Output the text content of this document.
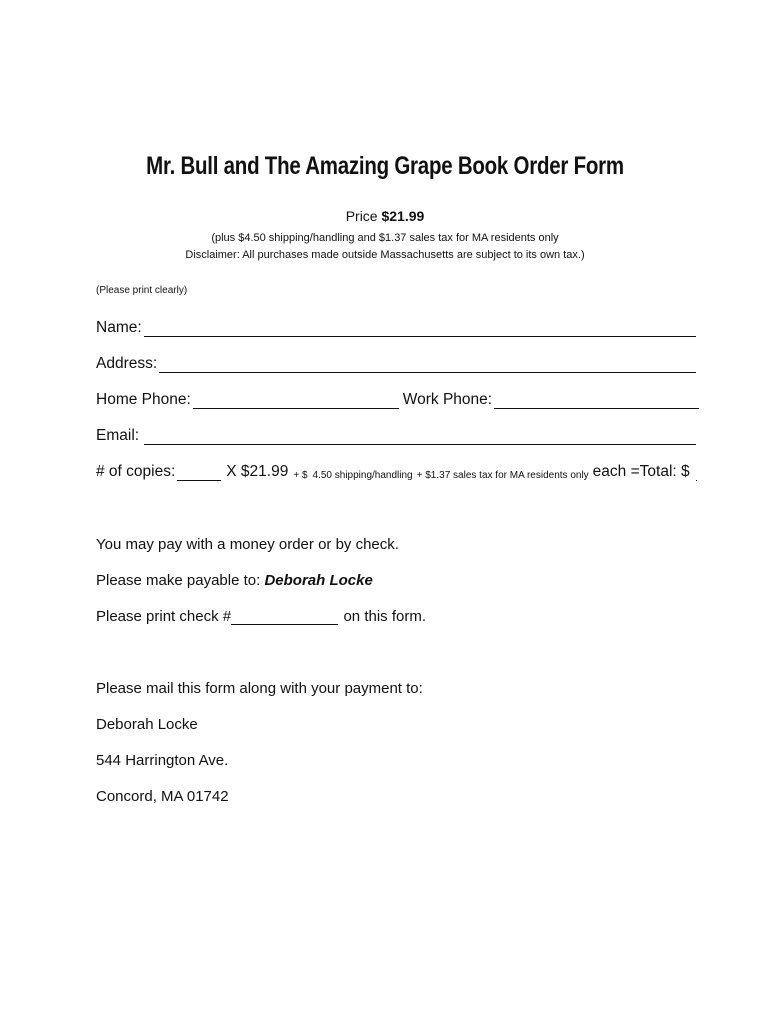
Mr. Bull and The Amazing Grape Book Order Form
Price $21.99
(plus $4.50 shipping/handling and $1.37 sales tax for MA residents only
Disclaimer: All purchases made outside Massachusetts are subject to its own tax.)
(Please print clearly)
Name:
Address:
Home Phone:	Work Phone:
Email:
# of copies:	X $21.99 + $ 4.50 shipping/handling + $1.37 sales tax for MA residents only each =Total: $
You may pay with a money order or by check.
Please make payable to: Deborah Locke
Please print check #	on this form.
Please mail this form along with your payment to:
Deborah Locke
544 Harrington Ave.
Concord, MA 01742
